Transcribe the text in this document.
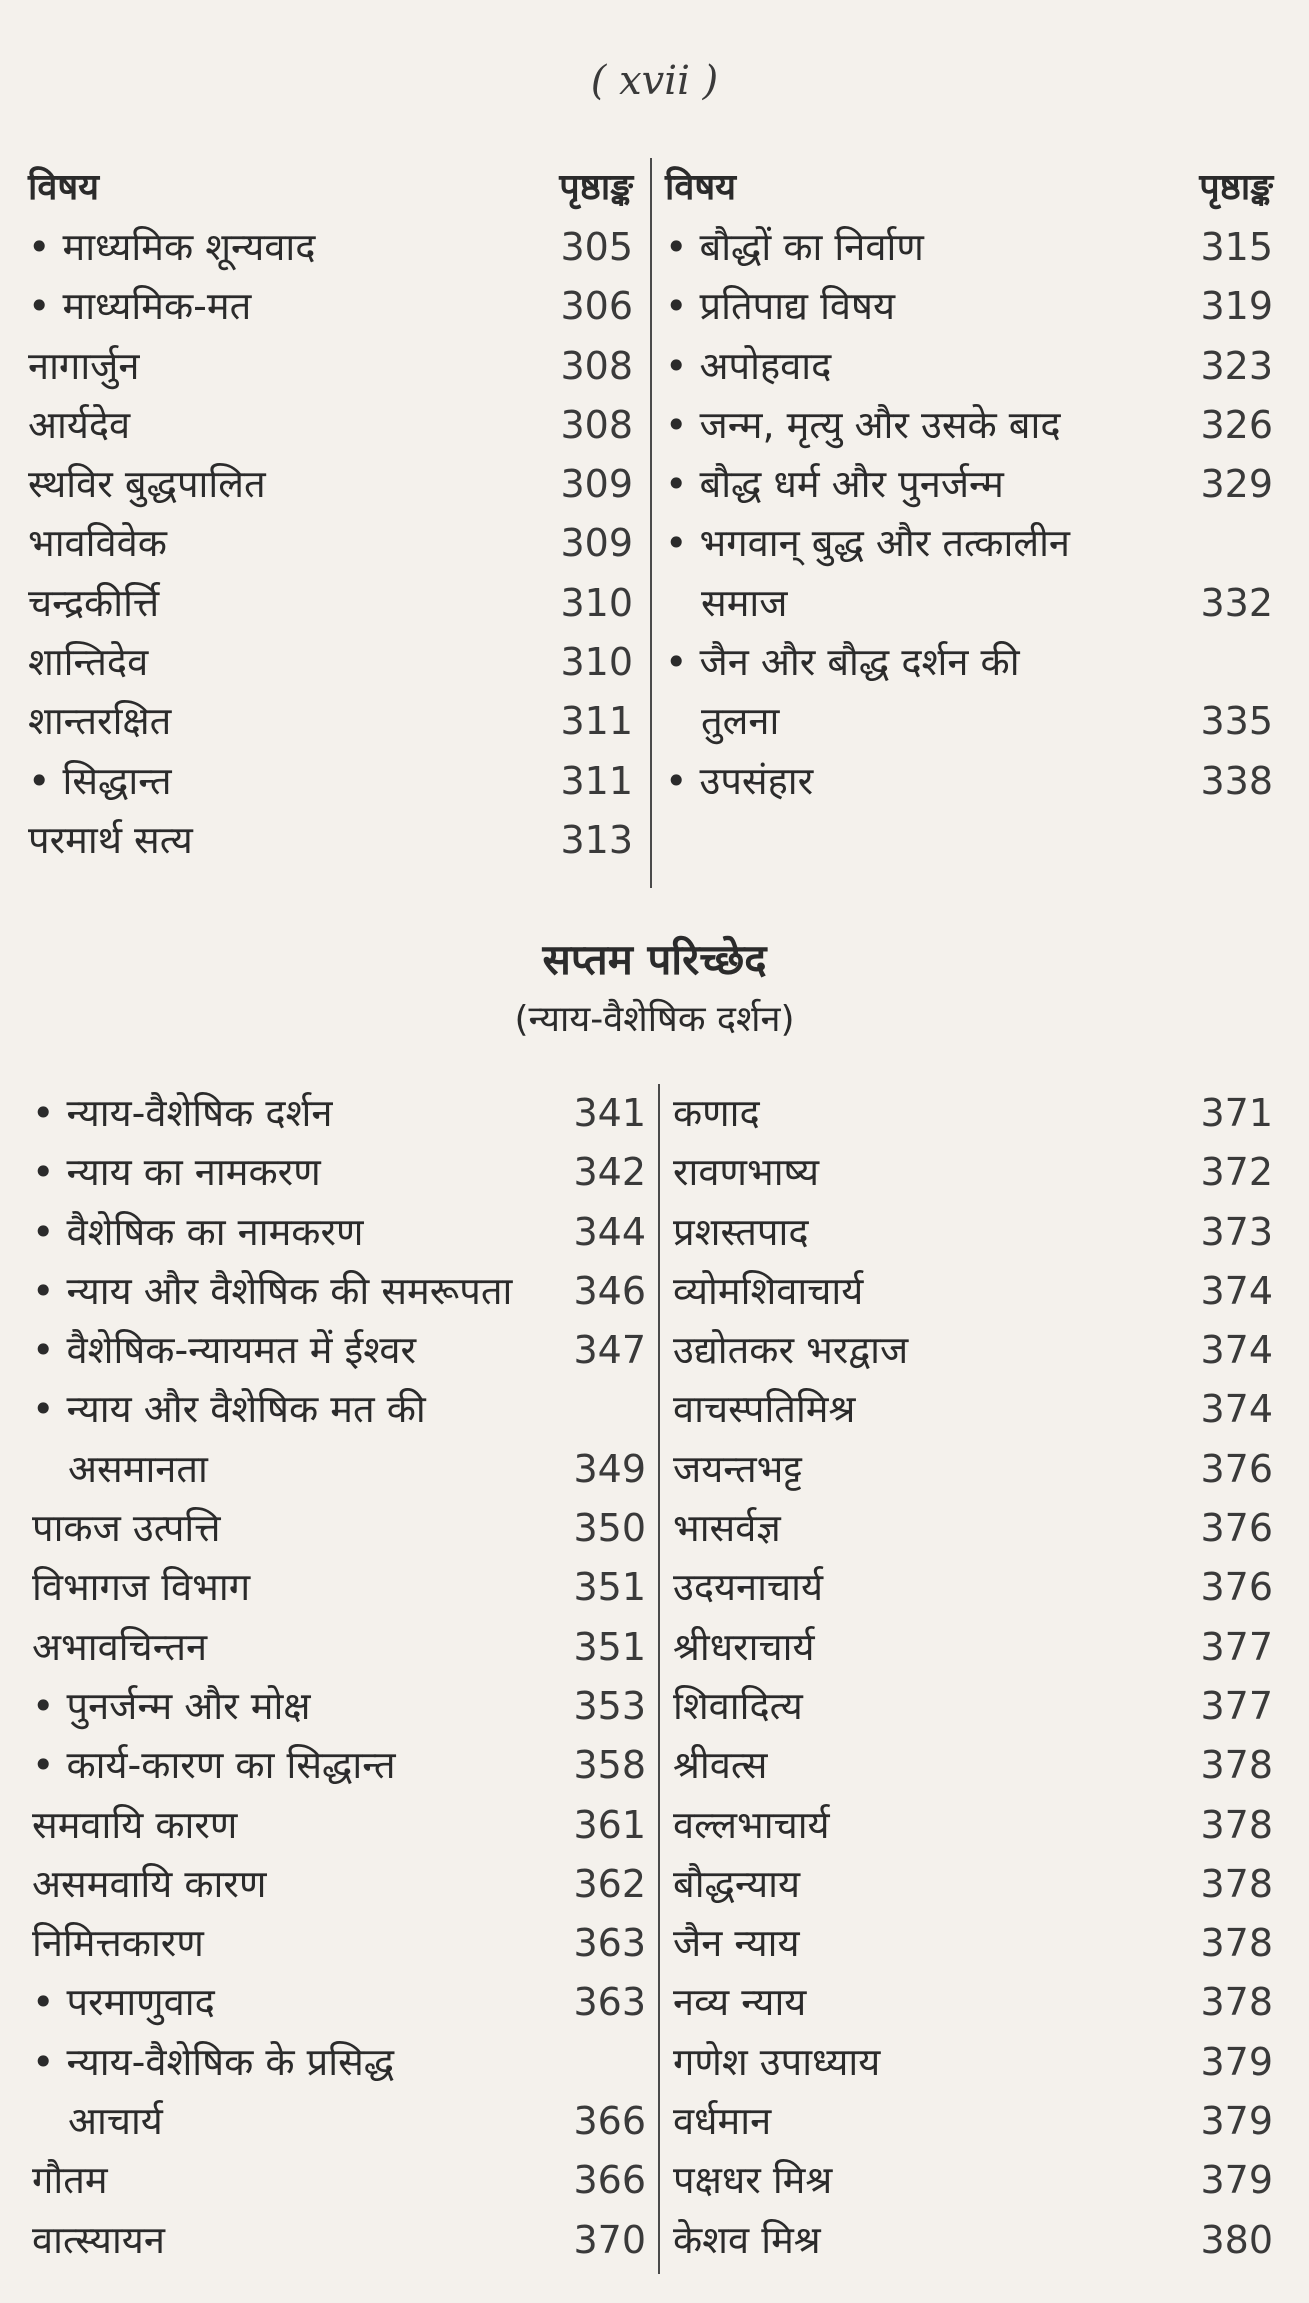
( xvii )
विषय	पृष्ठाङ्क
• माध्यमिक शून्यवाद	305
• माध्यमिक-मत	306
नागार्जुन	308
आर्यदेव	308
स्थविर बुद्धपालित	309
भावविवेक	309
चन्द्रकीर्त्ति	310
शान्तिदेव	310
शान्तरक्षित	311
• सिद्धान्त	311
परमार्थ सत्य	313
विषय	पृष्ठाङ्क
• बौद्धों का निर्वाण	315
• प्रतिपाद्य विषय	319
• अपोहवाद	323
• जन्म, मृत्यु और उसके बाद	326
• बौद्ध धर्म और पुनर्जन्म	329
• भगवान् बुद्ध और तत्कालीन
समाज	332
• जैन और बौद्ध दर्शन की
तुलना	335
• उपसंहार	338
सप्तम परिच्छेद
(न्याय-वैशेषिक दर्शन)
• न्याय-वैशेषिक दर्शन	341
• न्याय का नामकरण	342
• वैशेषिक का नामकरण	344
• न्याय और वैशेषिक की समरूपता 346
• वैशेषिक-न्यायमत में ईश्वर	347
• न्याय और वैशेषिक मत की
असमानता	349
पाकज उत्पत्ति	350
विभागज विभाग	351
अभावचिन्तन	351
• पुनर्जन्म और मोक्ष	353
• कार्य-कारण का सिद्धान्त	358
समवायि कारण	361
असमवायि कारण	362
निमित्तकारण	363
• परमाणुवाद	363
• न्याय-वैशेषिक के प्रसिद्ध
आचार्य	366
गौतम	366
वात्स्यायन	370
कणाद	371
रावणभाष्य	372
प्रशस्तपाद	373
व्योमशिवाचार्य	374
उद्योतकर भरद्वाज	374
वाचस्पतिमिश्र	374
जयन्तभट्ट	376
भासर्वज्ञ	376
उदयनाचार्य	376
श्रीधराचार्य	377
शिवादित्य	377
श्रीवत्स	378
वल्लभाचार्य	378
बौद्धन्याय	378
जैन न्याय	378
नव्य न्याय	378
गणेश उपाध्याय	379
वर्धमान	379
पक्षधर मिश्र	379
केशव मिश्र	380
